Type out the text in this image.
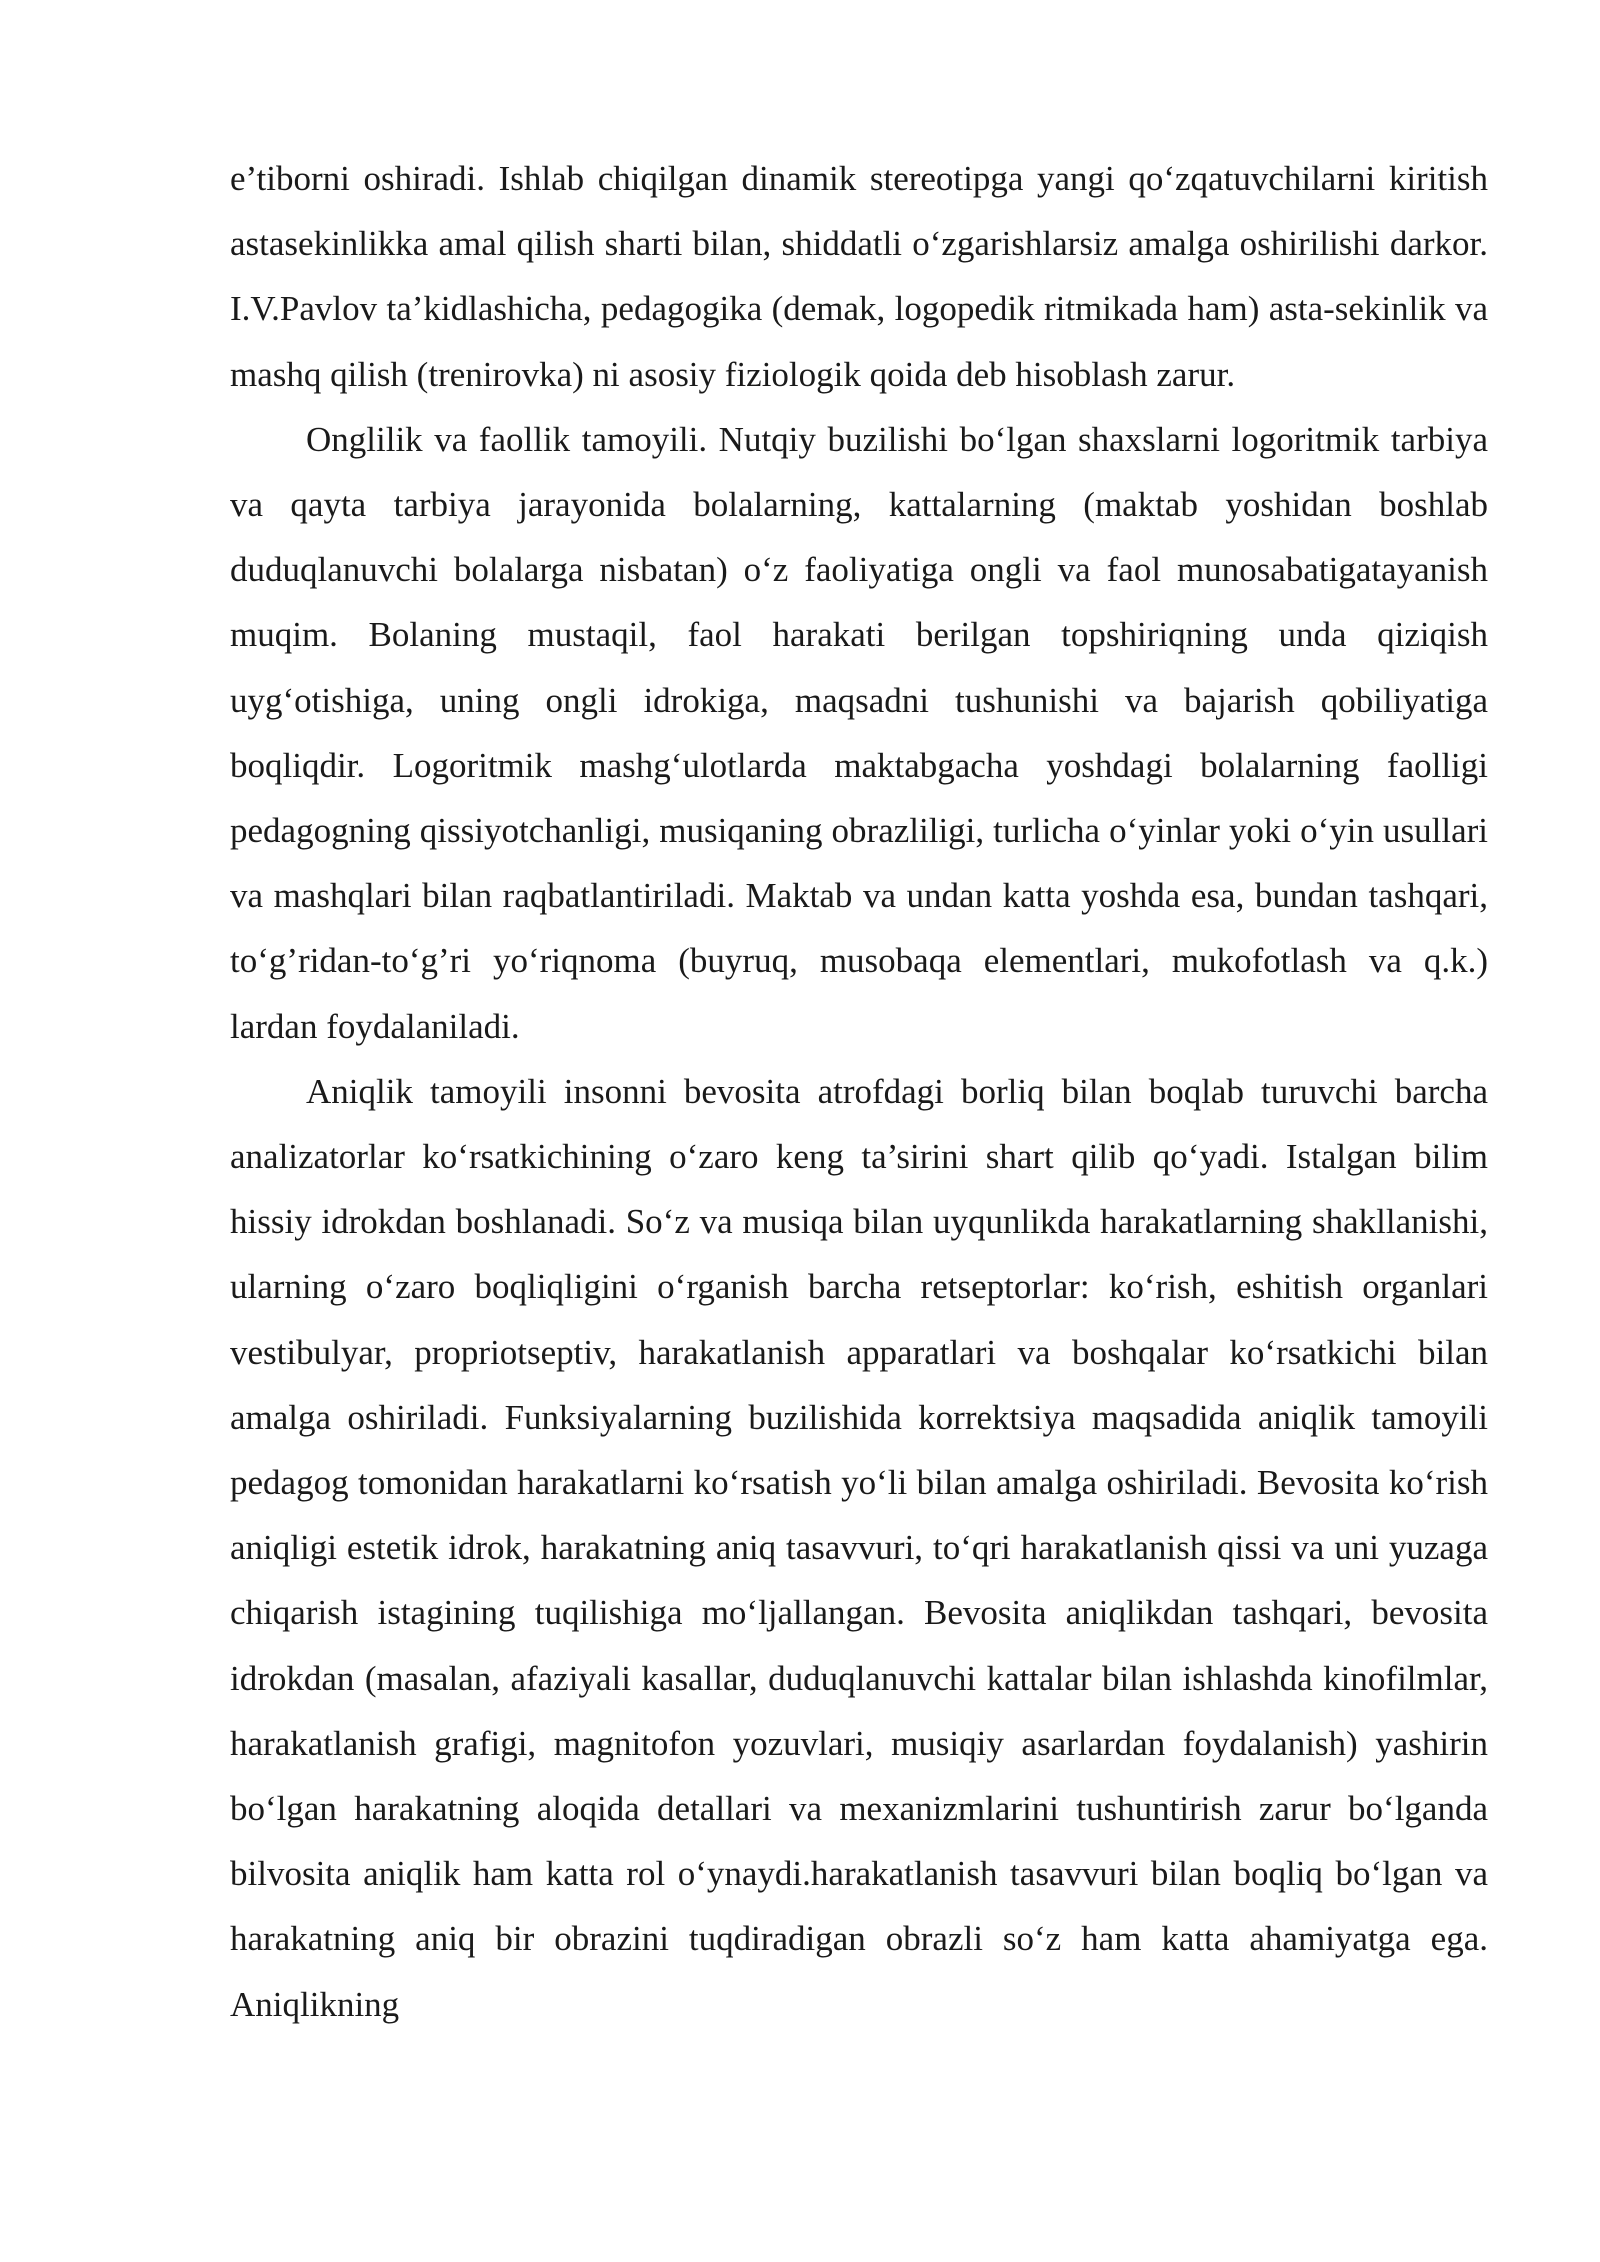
e’tiborni oshiradi. Ishlab chiqilgan dinamik stereotipga yangi qo‘zqatuvchilarni kiritish astasekinlikka amal qilish sharti bilan, shiddatli o‘zgarishlarsiz amalga oshirilishi darkor. I.V.Pavlov ta’kidlashicha, pedagogika (demak, logopedik ritmikada ham) asta-sekinlik va mashq qilish (trenirovka) ni asosiy fiziologik qoida deb hisoblash zarur.

Onglilik va faollik tamoyili. Nutqiy buzilishi bo‘lgan shaxslarni logoritmik tarbiya va qayta tarbiya jarayonida bolalarning, kattalarning (maktab yoshidan boshlab duduqlanuvchi bolalarga nisbatan) o‘z faoliyatiga ongli va faol munosabatigatayanish muqim. Bolaning mustaqil, faol harakati berilgan topshiriqning unda qiziqish uyg‘otishiga, uning ongli idrokiga, maqsadni tushunishi va bajarish qobiliyatiga boqliqdir. Logoritmik mashg‘ulotlarda maktabgacha yoshdagi bolalarning faolligi pedagogning qissiyotchanligi, musiqaning obrazliligi, turlicha o‘yinlar yoki o‘yin usullari va mashqlari bilan raqbatlantiriladi. Maktab va undan katta yoshda esa, bundan tashqari, to‘g’ridan-to‘g’ri yo‘riqnoma (buyruq, musobaqa elementlari, mukofotlash va q.k.) lardan foydalaniladi.

Aniqlik tamoyili insonni bevosita atrofdagi borliq bilan boqlab turuvchi barcha analizatorlar ko‘rsatkichining o‘zaro keng ta’sirini shart qilib qo‘yadi. Istalgan bilim hissiy idrokdan boshlanadi. So‘z va musiqa bilan uyqunlikda harakatlarning shakllanishi, ularning o‘zaro boqliqligini o‘rganish barcha retseptorlar: ko‘rish, eshitish organlari vestibulyar, propriotseptiv, harakatlanish apparatlari va boshqalar ko‘rsatkichi bilan amalga oshiriladi. Funksiyalarning buzilishida korrektsiya maqsadida aniqlik tamoyili pedagog tomonidan harakatlarni ko‘rsatish yo‘li bilan amalga oshiriladi. Bevosita ko‘rish aniqligi estetik idrok, harakatning aniq tasavvuri, to‘qri harakatlanish qissi va uni yuzaga chiqarish istagining tuqilishiga mo‘ljallangan. Bevosita aniqlikdan tashqari, bevosita idrokdan (masalan, afaziyali kasallar, duduqlanuvchi kattalar bilan ishlashda kinofilmlar, harakatlanish grafigi, magnitofon yozuvlari, musiqiy asarlardan foydalanish) yashirin bo‘lgan harakatning aloqida detallari va mexanizmlarini tushuntirish zarur bo‘lganda bilvosita aniqlik ham katta rol o‘ynaydi.harakatlanish tasavvuri bilan boqliq bo‘lgan va harakatning aniq bir obrazini tuqdiradigan obrazli so‘z ham katta ahamiyatga ega. Aniqlikning
